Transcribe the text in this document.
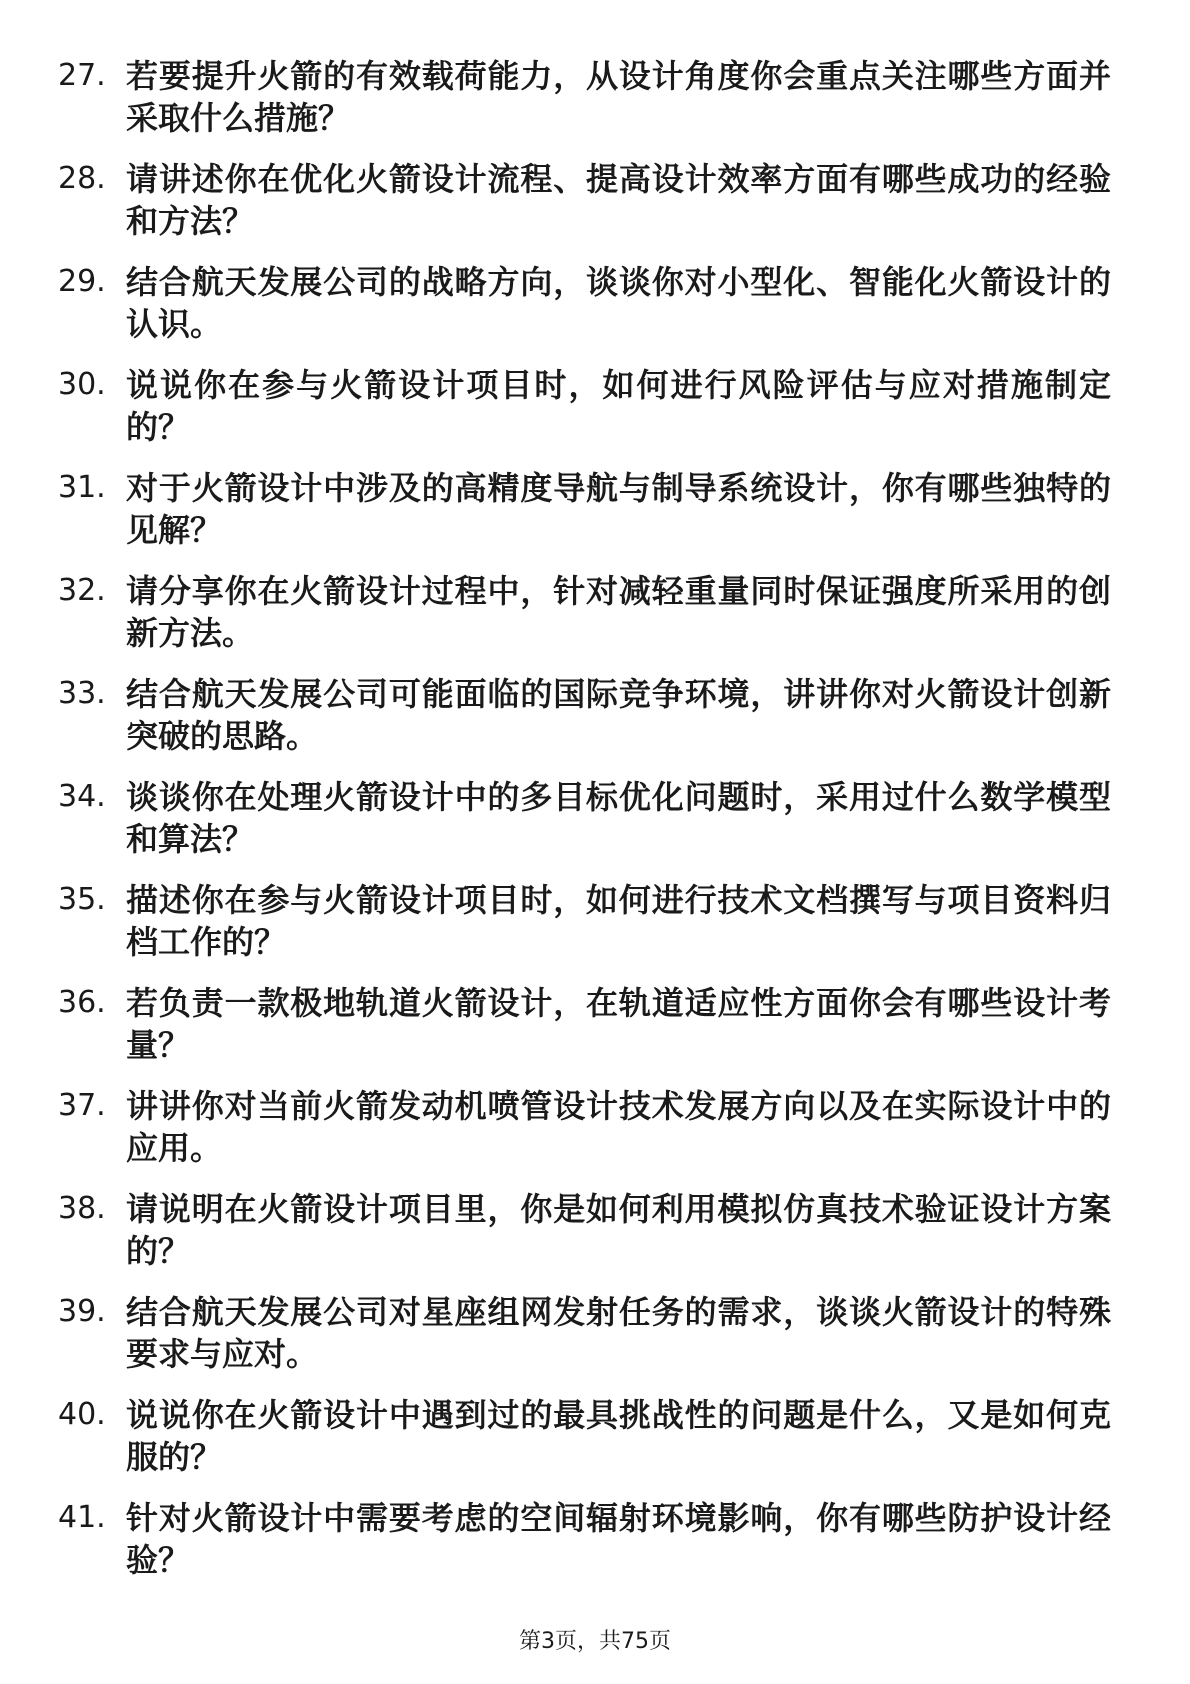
27. 若要提升火箭的有效载荷能力，从设计角度你会重点关注哪些方面并采取什么措施？
28. 请讲述你在优化火箭设计流程、提高设计效率方面有哪些成功的经验和方法？
29. 结合航天发展公司的战略方向，谈谈你对小型化、智能化火箭设计的认识。
30. 说说你在参与火箭设计项目时，如何进行风险评估与应对措施制定的？
31. 对于火箭设计中涉及的高精度导航与制导系统设计，你有哪些独特的见解？
32. 请分享你在火箭设计过程中，针对减轻重量同时保证强度所采用的创新方法。
33. 结合航天发展公司可能面临的国际竞争环境，讲讲你对火箭设计创新突破的思路。
34. 谈谈你在处理火箭设计中的多目标优化问题时，采用过什么数学模型和算法？
35. 描述你在参与火箭设计项目时，如何进行技术文档撰写与项目资料归档工作的？
36. 若负责一款极地轨道火箭设计，在轨道适应性方面你会有哪些设计考量？
37. 讲讲你对当前火箭发动机喷管设计技术发展方向以及在实际设计中的应用。
38. 请说明在火箭设计项目里，你是如何利用模拟仿真技术验证设计方案的？
39. 结合航天发展公司对星座组网发射任务的需求，谈谈火箭设计的特殊要求与应对。
40. 说说你在火箭设计中遇到过的最具挑战性的问题是什么，又是如何克服的？
41. 针对火箭设计中需要考虑的空间辐射环境影响，你有哪些防护设计经验？
第3页，共75页
